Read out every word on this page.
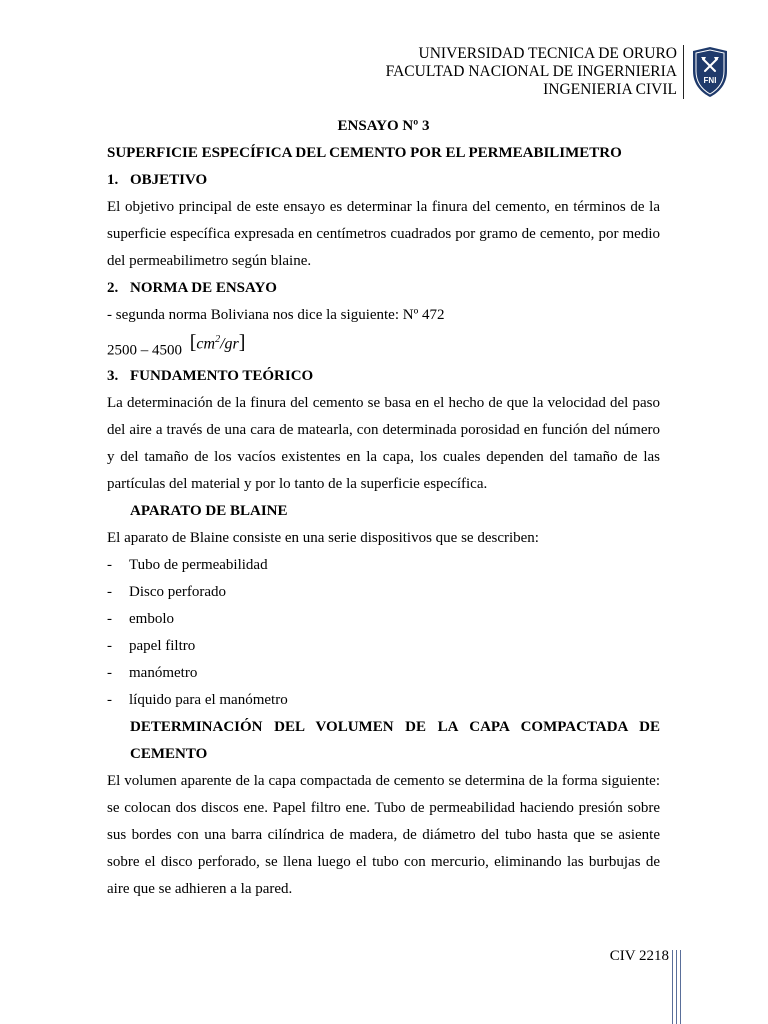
UNIVERSIDAD TECNICA DE ORURO
FACULTAD NACIONAL DE INGERNIERIA
INGENIERIA CIVIL
FNI

ENSAYO Nº 3

SUPERFICIE ESPECÍFICA DEL CEMENTO POR EL PERMEABILIMETRO

1. OBJETIVO

El objetivo principal de este ensayo es determinar la finura del cemento, en términos de la superficie específica expresada en centímetros cuadrados por gramo de cemento, por medio del permeabilimetro según blaine.

2. NORMA DE ENSAYO

- segunda norma Boliviana nos dice la siguiente: Nº 472

2500 – 4500 $[cm^2/gr]$

3. FUNDAMENTO TEÓRICO

La determinación de la finura del cemento se basa en el hecho de que la velocidad del paso del aire a través de una cara de matearla, con determinada porosidad en función del número y del tamaño de los vacíos existentes en la capa, los cuales dependen del tamaño de las partículas del material y por lo tanto de la superficie específica.

APARATO DE BLAINE

El aparato de Blaine consiste en una serie dispositivos que se describen:

-	Tubo de permeabilidad
-	Disco perforado
-	embolo
-	papel filtro
-	manómetro
-	líquido para el manómetro

DETERMINACIÓN DEL VOLUMEN DE LA CAPA COMPACTADA DE CEMENTO

El volumen aparente de la capa compactada de cemento se determina de la forma siguiente: se colocan dos discos ene. Papel filtro ene. Tubo de permeabilidad haciendo presión sobre sus bordes con una barra cilíndrica de madera, de diámetro del tubo hasta que se asiente sobre el disco perforado, se llena luego el tubo con mercurio, eliminando las burbujas de aire que se adhieren a la pared.

CIV 2218
